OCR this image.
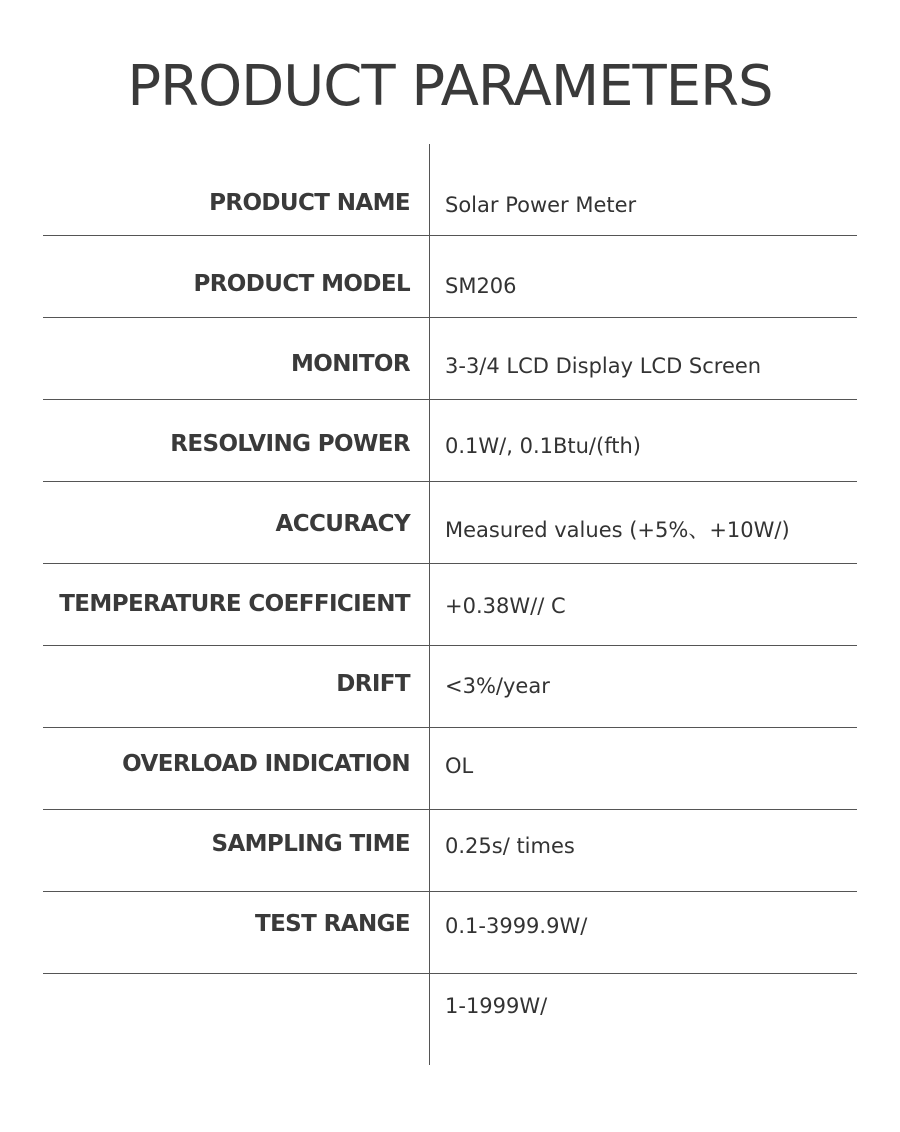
PRODUCT PARAMETERS
PRODUCT NAME Solar Power Meter
PRODUCT MODEL SM206
MONITOR 3-3/4 LCD Display LCD Screen
RESOLVING POWER 0.1W/, 0.1Btu/(fth)
ACCURACY Measured values (+5%、+10W/)
TEMPERATURE COEFFICIENT +0.38W// C
DRIFT <3%/year
OVERLOAD INDICATION OL
SAMPLING TIME 0.25s/ times
TEST RANGE 0.1-3999.9W/
1-1999W/
